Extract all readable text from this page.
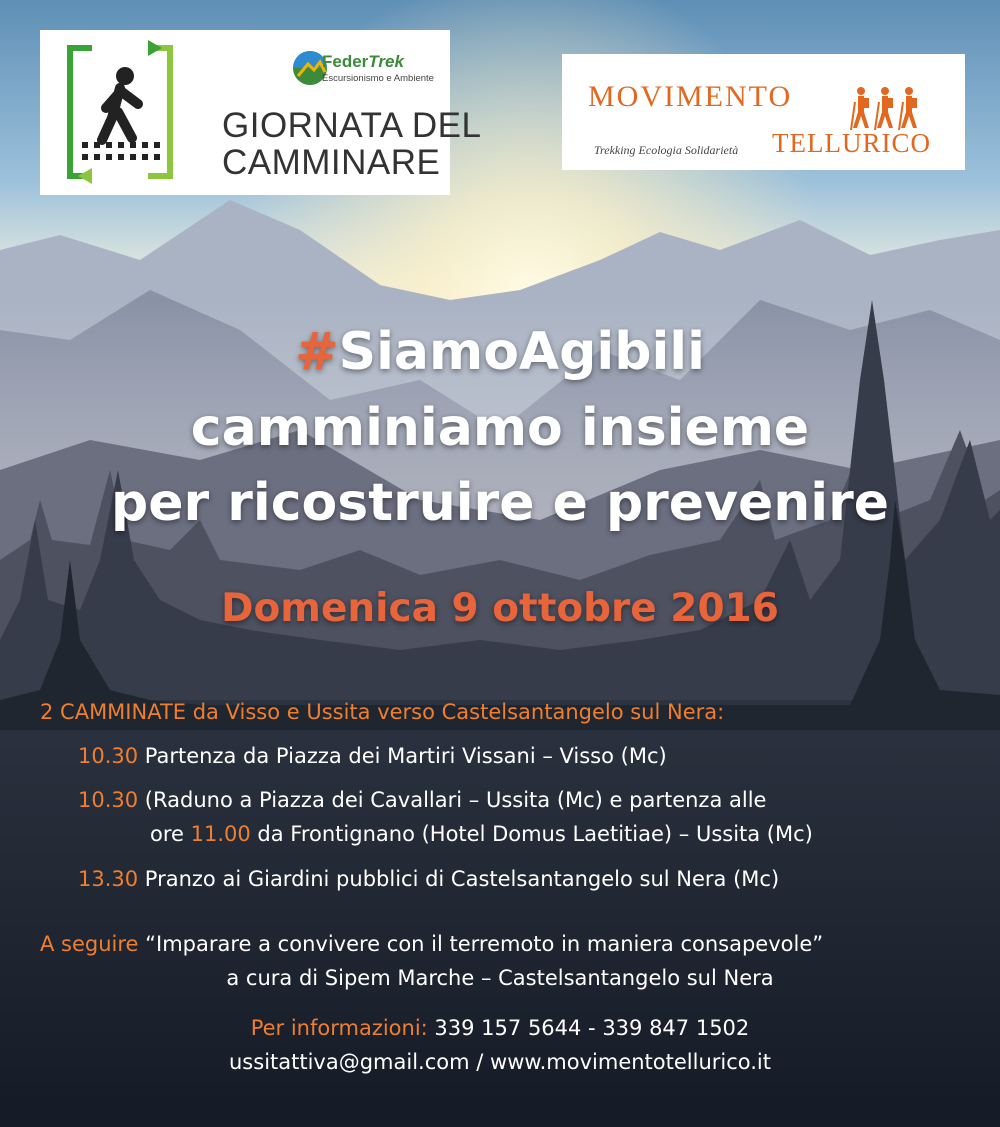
FederTrek
Escursionismo e Ambiente
GIORNATA DEL
CAMMINARE
MOVIMENTO
TELLURICO
Trekking Ecologia Solidarietà
#SiamoAgibili
camminiamo insieme
per ricostruire e prevenire
Domenica 9 ottobre 2016
2 CAMMINATE da Visso e Ussita verso Castelsantangelo sul Nera:
10.30 Partenza da Piazza dei Martiri Vissani – Visso (Mc)
10.30 (Raduno a Piazza dei Cavallari – Ussita (Mc) e partenza alle
ore 11.00 da Frontignano (Hotel Domus Laetitiae) – Ussita (Mc)
13.30 Pranzo ai Giardini pubblici di Castelsantangelo sul Nera (Mc)
A seguire “Imparare a convivere con il terremoto in maniera consapevole”
a cura di Sipem Marche – Castelsantangelo sul Nera
Per informazioni: 339 157 5644 - 339 847 1502
ussitattiva@gmail.com / www.movimentotellurico.it
